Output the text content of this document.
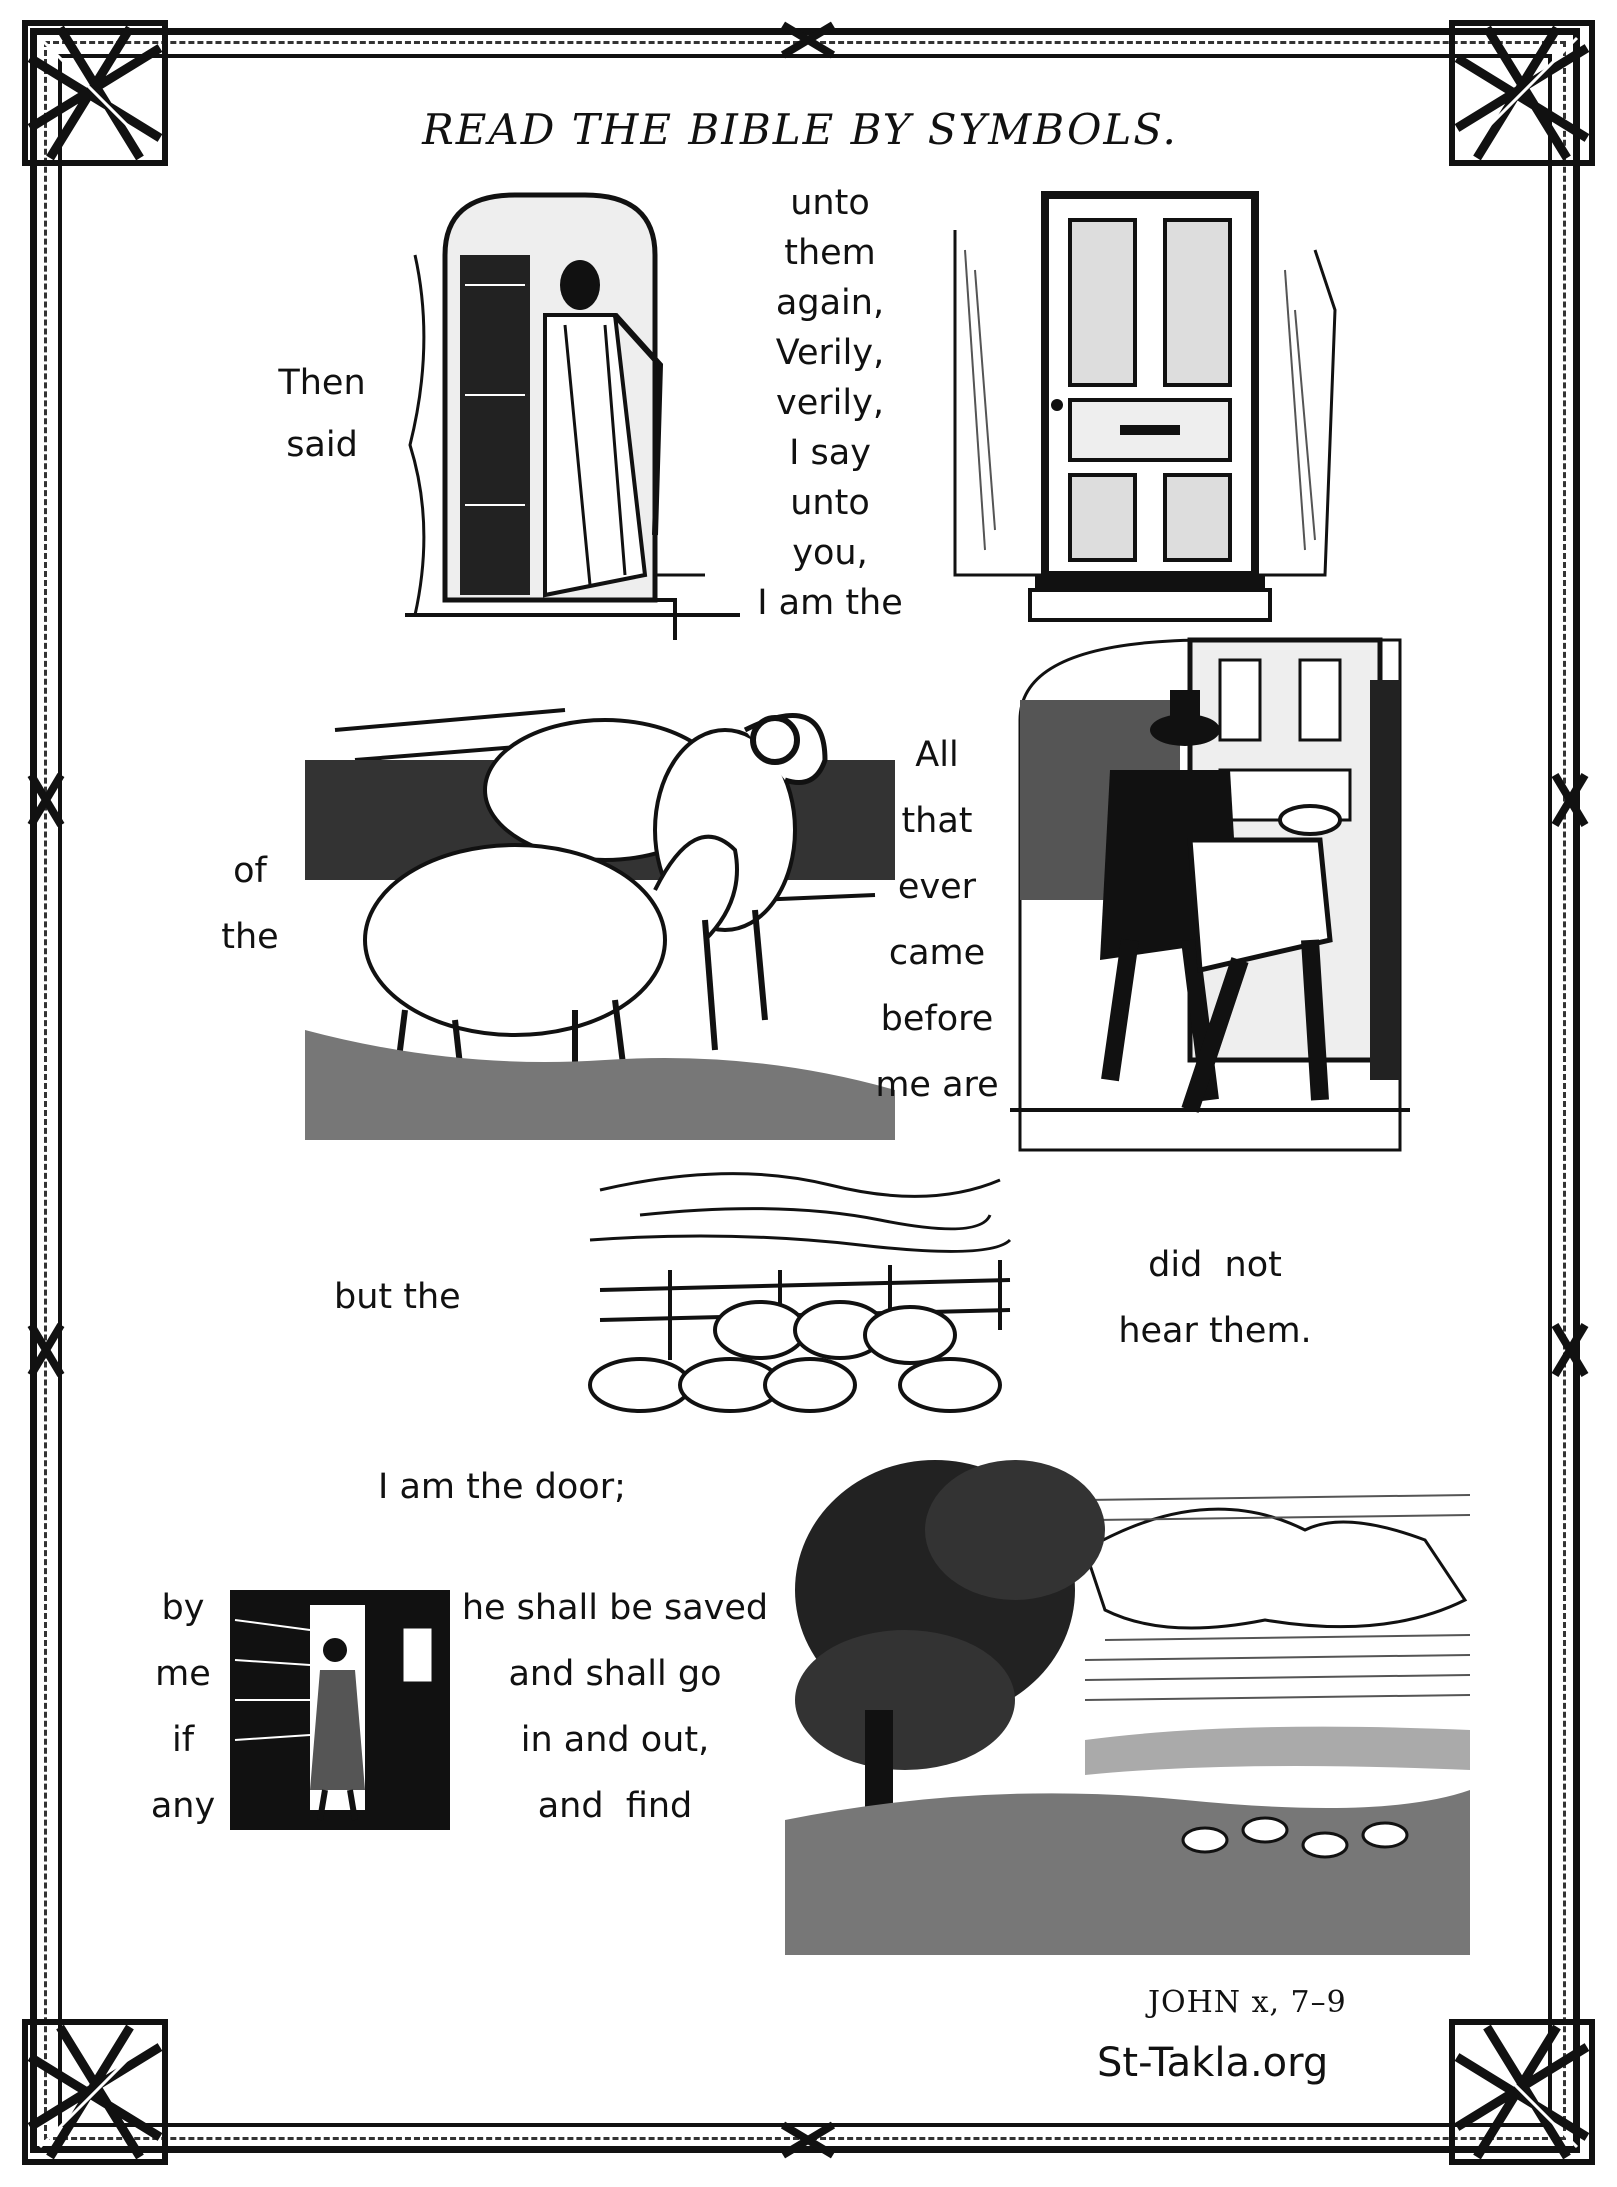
READ THE BIBLE BY SYMBOLS.
Then
said
unto
them
again,
Verily,
verily,
I say
unto
you,
I am the
of
the
All
that
ever
came
before
me are
but the
did  not
hear them.
I am the door;
by
me
if
any
he shall be saved
and shall go
in and out,
and  find
JOHN x, 7–9
St-Takla.org
